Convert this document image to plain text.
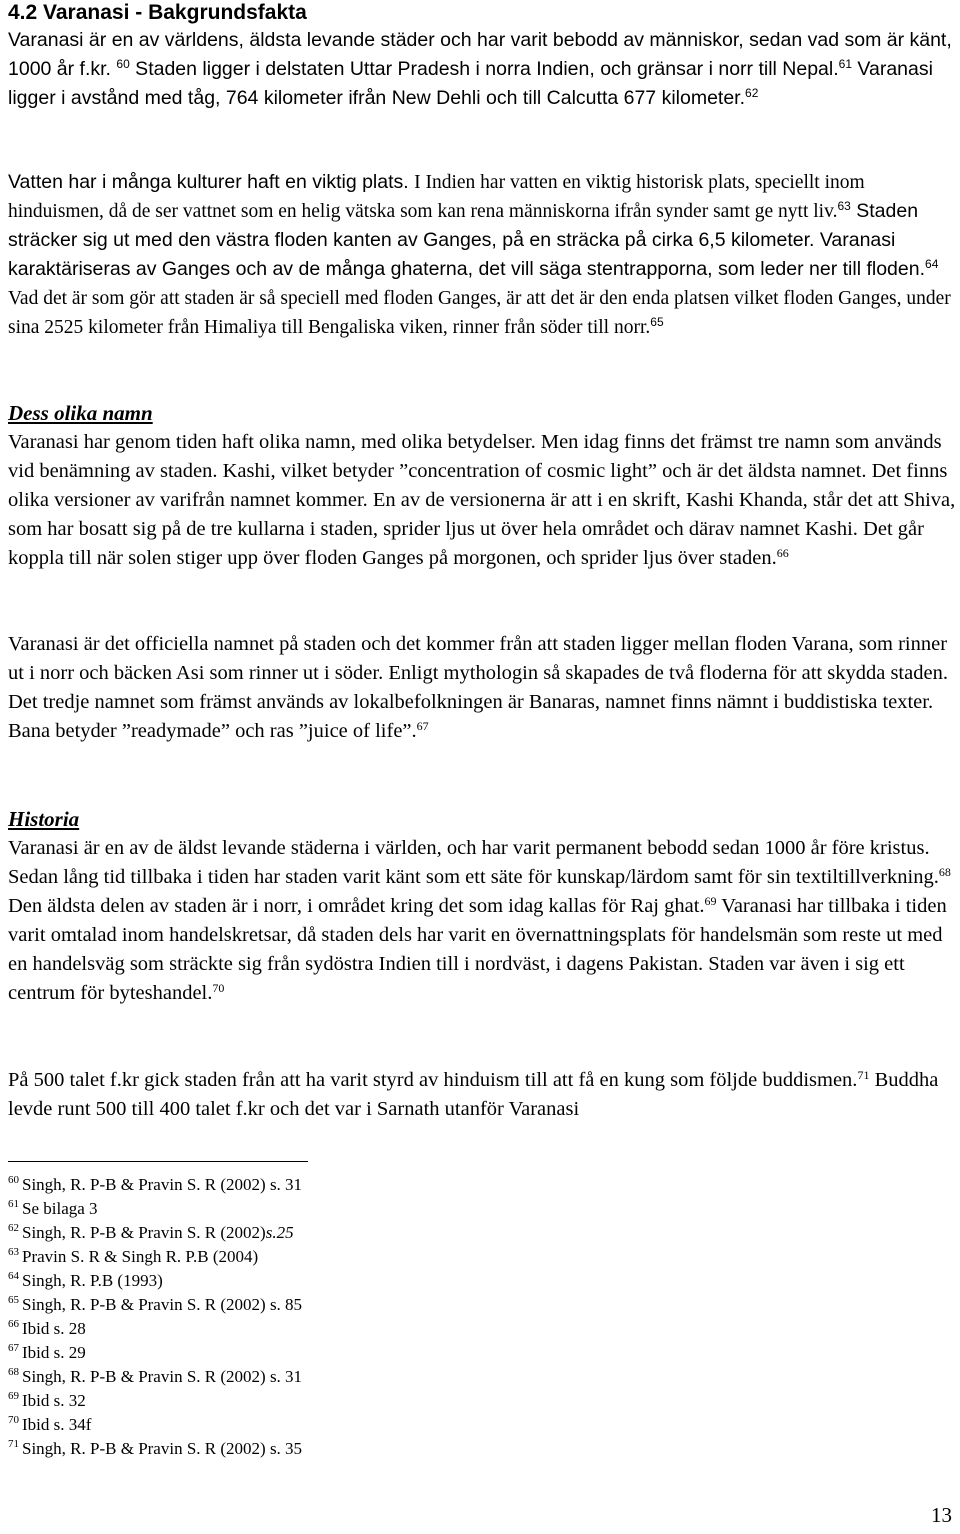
4.2 Varanasi - Bakgrundsfakta

Varanasi är en av världens, äldsta levande städer och har varit bebodd av människor, sedan vad som är känt, 1000 år f.kr. $^{60}$ Staden ligger i delstaten Uttar Pradesh i norra Indien, och gränsar i norr till Nepal.$^{61}$ Varanasi ligger i avstånd med tåg, 764 kilometer ifrån New Dehli och till Calcutta 677 kilometer.$^{62}$

Vatten har i många kulturer haft en viktig plats. I Indien har vatten en viktig historisk plats, speciellt inom hinduismen, då de ser vattnet som en helig vätska som kan rena människorna ifrån synder samt ge nytt liv.$^{63}$ Staden sträcker sig ut med den västra floden kanten av Ganges, på en sträcka på cirka 6,5 kilometer. Varanasi karaktäriseras av Ganges och av de många ghaterna, det vill säga stentrapporna, som leder ner till floden.$^{64}$ Vad det är som gör att staden är så speciell med floden Ganges, är att det är den enda platsen vilket floden Ganges, under sina 2525 kilometer från Himaliya till Bengaliska viken, rinner från söder till norr.$^{65}$

Dess olika namn

Varanasi har genom tiden haft olika namn, med olika betydelser. Men idag finns det främst tre namn som används vid benämning av staden. Kashi, vilket betyder ”concentration of cosmic light” och är det äldsta namnet. Det finns olika versioner av varifrån namnet kommer. En av de versionerna är att i en skrift, Kashi Khanda, står det att Shiva, som har bosatt sig på de tre kullarna i staden, sprider ljus ut över hela området och därav namnet Kashi. Det går koppla till när solen stiger upp över floden Ganges på morgonen, och sprider ljus över staden.$^{66}$

Varanasi är det officiella namnet på staden och det kommer från att staden ligger mellan floden Varana, som rinner ut i norr och bäcken Asi som rinner ut i söder. Enligt mythologin så skapades de två floderna för att skydda staden. Det tredje namnet som främst används av lokalbefolkningen är Banaras, namnet finns nämnt i buddistiska texter. Bana betyder ”readymade” och ras ”juice of life”.$^{67}$

Historia

Varanasi är en av de äldst levande städerna i världen, och har varit permanent bebodd sedan 1000 år före kristus. Sedan lång tid tillbaka i tiden har staden varit känt som ett säte för kunskap/lärdom samt för sin textiltillverkning.$^{68}$ Den äldsta delen av staden är i norr, i området kring det som idag kallas för Raj ghat.$^{69}$ Varanasi har tillbaka i tiden varit omtalad inom handelskretsar, då staden dels har varit en övernattningsplats för handelsmän som reste ut med en handelsväg som sträckte sig från sydöstra Indien till i nordväst, i dagens Pakistan. Staden var även i sig ett centrum för byteshandel.$^{70}$

På 500 talet f.kr gick staden från att ha varit styrd av hinduism till att få en kung som följde buddismen.$^{71}$ Buddha levde runt 500 till 400 talet f.kr och det var i Sarnath utanför Varanasi

$^{60}$ Singh, R. P-B & Pravin S. R (2002) s. 31
$^{61}$ Se bilaga 3
$^{62}$ Singh, R. P-B & Pravin S. R (2002)s.25
$^{63}$ Pravin S. R & Singh R. P.B (2004)
$^{64}$ Singh, R. P.B (1993)
$^{65}$ Singh, R. P-B & Pravin S. R (2002) s. 85
$^{66}$ Ibid s. 28
$^{67}$ Ibid s. 29
$^{68}$ Singh, R. P-B & Pravin S. R (2002) s. 31
$^{69}$ Ibid s. 32
$^{70}$ Ibid s. 34f
$^{71}$ Singh, R. P-B & Pravin S. R (2002) s. 35
13
